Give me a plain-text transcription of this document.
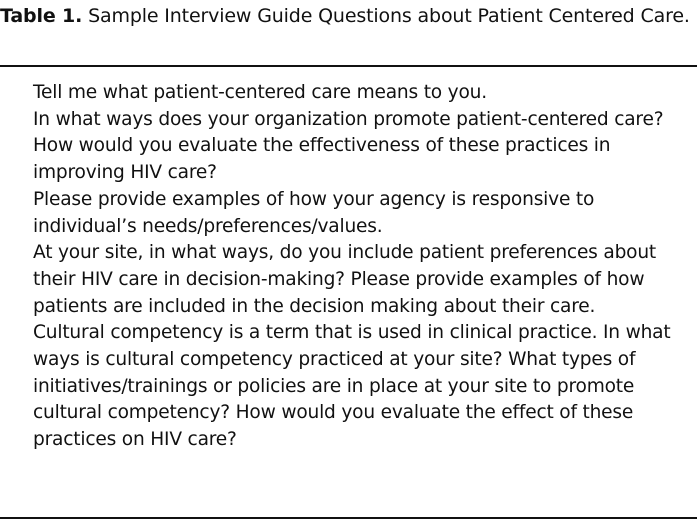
Table 1. Sample Interview Guide Questions about Patient Centered Care.
Tell me what patient-centered care means to you.
In what ways does your organization promote patient-centered care? How would you evaluate the effectiveness of these practices in improving HIV care?
Please provide examples of how your agency is responsive to individual’s needs/preferences/values.
At your site, in what ways, do you include patient preferences about their HIV care in decision-making? Please provide examples of how patients are included in the decision making about their care.
Cultural competency is a term that is used in clinical practice. In what ways is cultural competency practiced at your site? What types of initiatives/trainings or policies are in place at your site to promote cultural competency? How would you evaluate the effect of these practices on HIV care?
